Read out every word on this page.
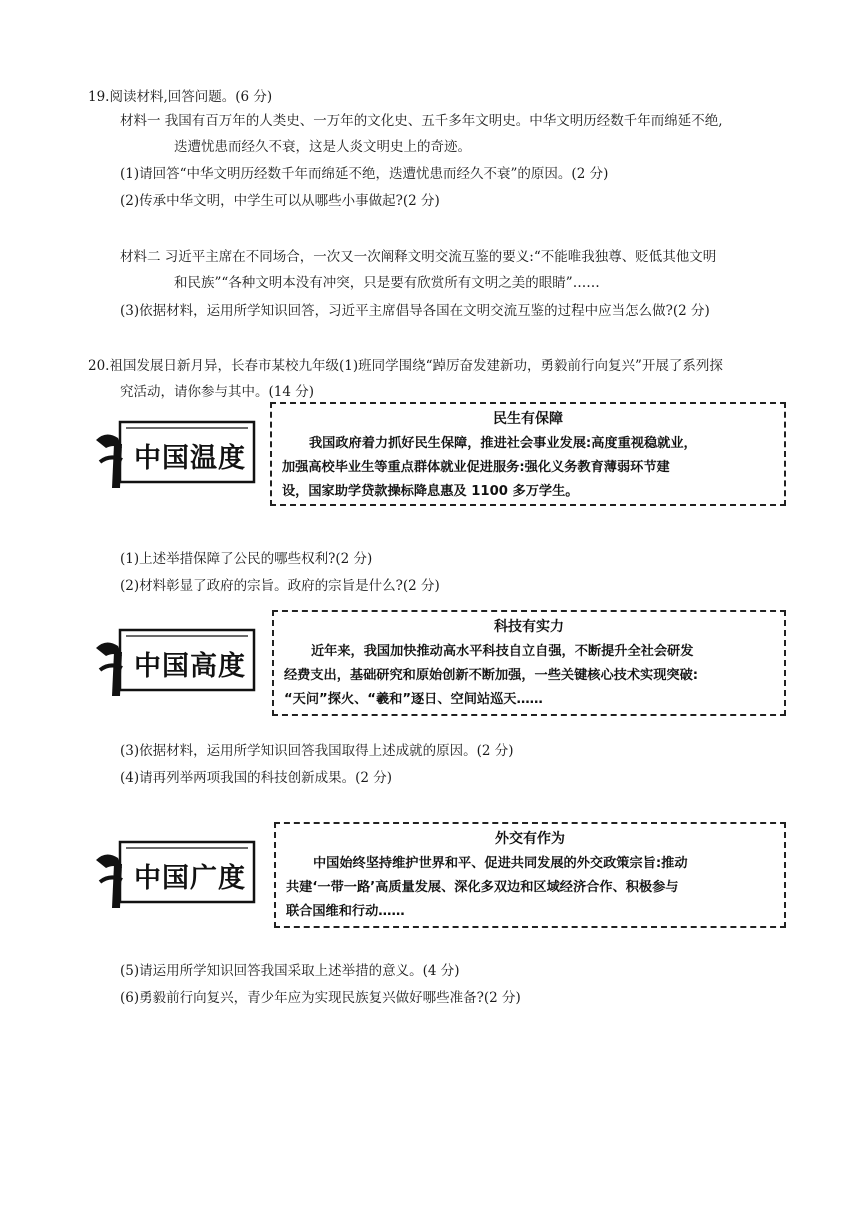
19.阅读材料,回答问题。(6 分)
材料一 我国有百万年的人类史、一万年的文化史、五千多年文明史。中华文明历经数千年而绵延不绝,
迭遭忧患而经久不衰，这是人炎文明史上的奇迹。
(1)请回答“中华文明历经数千年而绵延不绝，迭遭忧患而经久不衰”的原因。(2 分)
(2)传承中华文明，中学生可以从哪些小事做起?(2 分)
材料二 习近平主席在不同场合，一次又一次阐释文明交流互鉴的要义:“不能唯我独尊、贬低其他文明
和民族”“各种文明本没有冲突，只是要有欣赏所有文明之美的眼睛”……
(3)依据材料，运用所学知识回答，习近平主席倡导各国在文明交流互鉴的过程中应当怎么做?(2 分)
20.祖国发展日新月异，长春市某校九年级(1)班同学围绕“踔厉奋发建新功，勇毅前行向复兴”开展了系列探
究活动，请你参与其中。(14 分)
中国温度
民生有保障
我国政府着力抓好民生保障，推进社会事业发展:高度重视稳就业，
加强高校毕业生等重点群体就业促进服务:强化义务教育薄弱环节建
设，国家助学贷款操标降息惠及 1100 多万学生。
(1)上述举措保障了公民的哪些权利?(2 分)
(2)材料彰显了政府的宗旨。政府的宗旨是什么?(2 分)
中国高度
科技有实力
近年来，我国加快推动高水平科技自立自强，不断提升全社会研发
经费支出，基础研究和原始创新不断加强，一些关键核心技术实现突破:
“天问”探火、“羲和”逐日、空间站巡天……
(3)依据材料，运用所学知识回答我国取得上述成就的原因。(2 分)
(4)请再列举两项我国的科技创新成果。(2 分)
中国广度
外交有作为
中国始终坚持维护世界和平、促进共同发展的外交政策宗旨:推动
共建‘一带一路’高质量发展、深化多双边和区域经济合作、积极参与
联合国维和行动……
(5)请运用所学知识回答我国采取上述举措的意义。(4 分)
(6)勇毅前行向复兴，青少年应为实现民族复兴做好哪些准备?(2 分)
